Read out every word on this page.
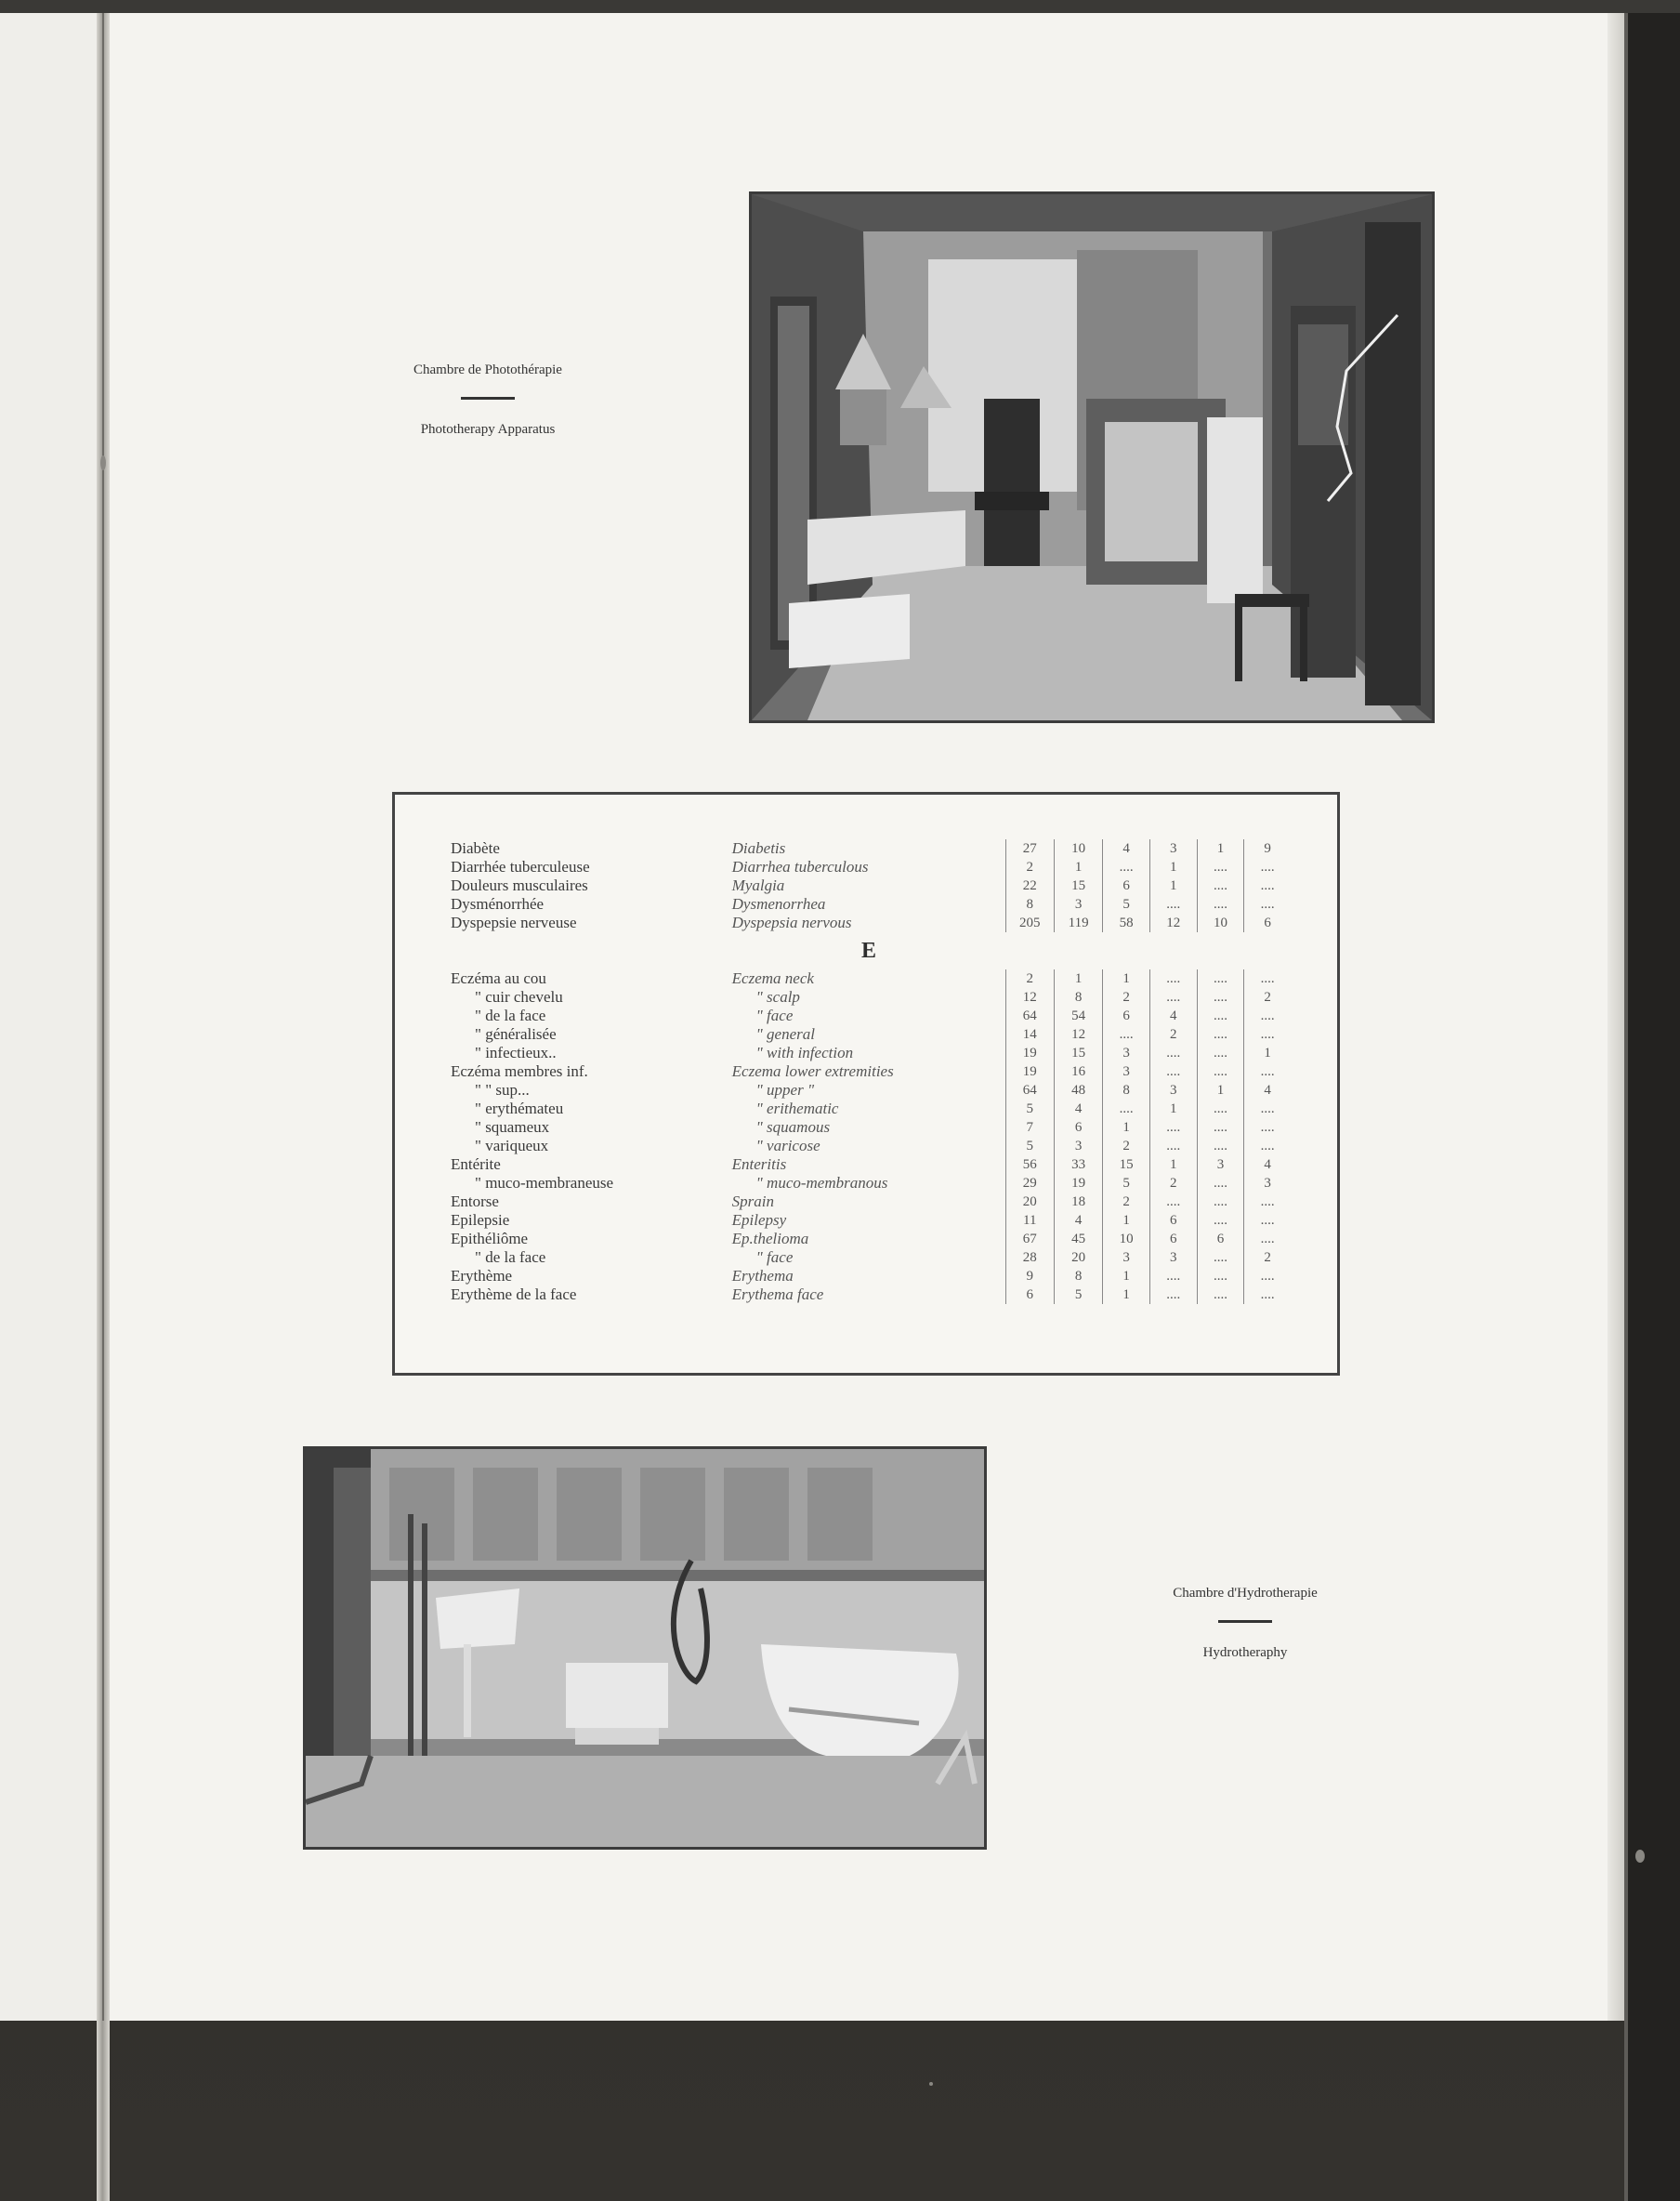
Chambre de Photothérapie
Phototherapy Apparatus
Diabète	Diabetis	27	10	4	3	1	9
Diarrhée tuberculeuse	Diarrhea tuberculous	2	1	....	1	....	....
Douleurs musculaires	Myalgia	22	15	6	1	....	....
Dysménorrhée	Dysmenorrhea	8	3	5	....	....	....
Dyspepsie nerveuse	Dyspepsia nervous	205	119	58	12	10	6
E							
Eczéma au cou	Eczema neck	2	1	1	....	....	....
" cuir chevelu	" scalp	12	8	2	....	....	2
" de la face	" face	64	54	6	4	....	....
" généralisée	" general	14	12	....	2	....	....
" infectieux..	" with infection	19	15	3	....	....	1
Eczéma membres inf.	Eczema lower extremities	19	16	3	....	....	....
" " sup...	" upper "	64	48	8	3	1	4
" erythémateu	" erithematic	5	4	....	1	....	....
" squameux	" squamous	7	6	1	....	....	....
" variqueux	" varicose	5	3	2	....	....	....
Entérite	Enteritis	56	33	15	1	3	4
" muco-membraneuse	" muco-membranous	29	19	5	2	....	3
Entorse	Sprain	20	18	2	....	....	....
Epilepsie	Epilepsy	11	4	1	6	....	....
Epithéliôme	Ep.thelioma	67	45	10	6	6	....
" de la face	" face	28	20	3	3	....	2
Erythème	Erythema	9	8	1	....	....	....
Erythème de la face	Erythema face	6	5	1	....	....	....
Chambre d'Hydrotherapie
Hydrotheraphy
